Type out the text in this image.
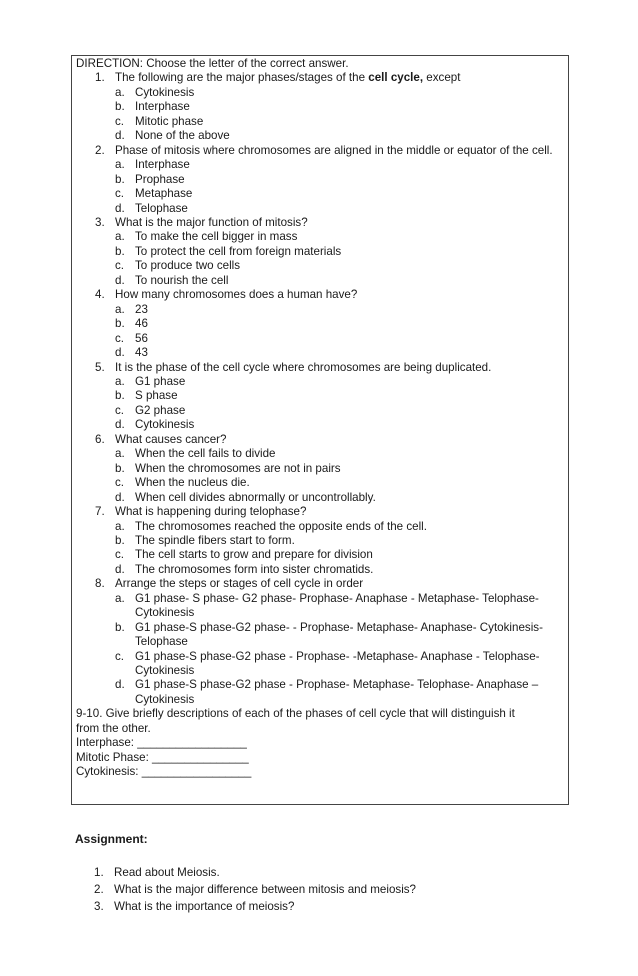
DIRECTION: Choose the letter of the correct answer.
1. The following are the major phases/stages of the cell cycle, except
a. Cytokinesis
b. Interphase
c. Mitotic phase
d. None of the above
2. Phase of mitosis where chromosomes are aligned in the middle or equator of the cell.
a. Interphase
b. Prophase
c. Metaphase
d. Telophase
3. What is the major function of mitosis?
a. To make the cell bigger in mass
b. To protect the cell from foreign materials
c. To produce two cells
d. To nourish the cell
4. How many chromosomes does a human have?
a. 23
b. 46
c. 56
d. 43
5. It is the phase of the cell cycle where chromosomes are being duplicated.
a. G1 phase
b. S phase
c. G2 phase
d. Cytokinesis
6. What causes cancer?
a. When the cell fails to divide
b. When the chromosomes are not in pairs
c. When the nucleus die.
d. When cell divides abnormally or uncontrollably.
7. What is happening during telophase?
a. The chromosomes reached the opposite ends of the cell.
b. The spindle fibers start to form.
c. The cell starts to grow and prepare for division
d. The chromosomes form into sister chromatids.
8. Arrange the steps or stages of cell cycle in order
a. G1 phase- S phase- G2 phase- Prophase- Anaphase - Metaphase- Telophase- Cytokinesis
b. G1 phase-S phase-G2 phase- - Prophase- Metaphase- Anaphase- Cytokinesis- Telophase
c. G1 phase-S phase-G2 phase - Prophase- -Metaphase- Anaphase - Telophase- Cytokinesis
d. G1 phase-S phase-G2 phase - Prophase- Metaphase- Telophase- Anaphase –Cytokinesis
9-10. Give briefly descriptions of each of the phases of cell cycle that will distinguish it
from the other.
Interphase: _________________
Mitotic Phase: _______________
Cytokinesis: _________________
Assignment:
1. Read about Meiosis.
2. What is the major difference between mitosis and meiosis?
3. What is the importance of meiosis?
